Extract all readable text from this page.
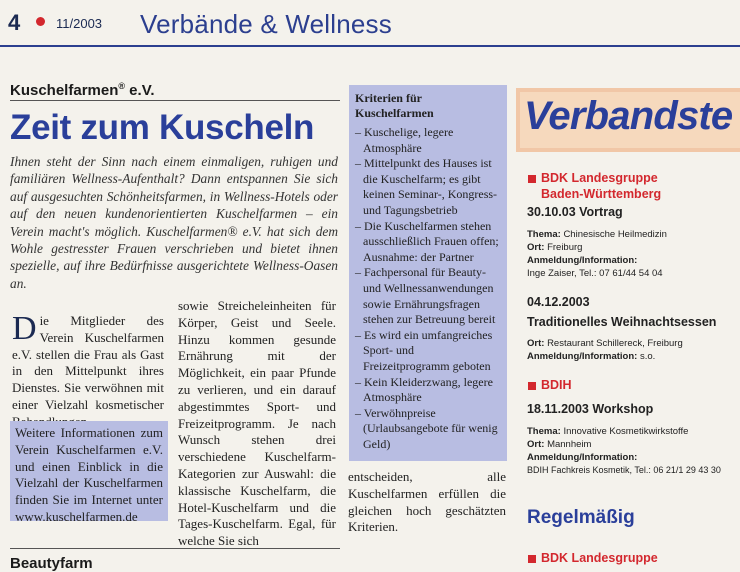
4	11/2003 Verbände & Wellness
Kuschelfarmen® e.V.
Zeit zum Kuscheln
Ihnen steht der Sinn nach einem einmaligen, ruhigen und familiären Wellness-Aufenthalt? Dann entspannen Sie sich auf ausgesuchten Schönheitsfarmen, in Wellness-Hotels oder auf den neuen kundenorientierten Kuschelfarmen – ein Verein macht's möglich. Kuschelfarmen® e.V. hat sich dem Wohle gestresster Frauen verschrieben und bietet ihnen spezielle, auf ihre Bedürfnisse ausgerichtete Wellness-Oasen an.
Die Mitglieder des Verein Kuschelfarmen e.V. stellen die Frau als Gast in den Mittelpunkt ihres Dienstes. Sie verwöhnen mit einer Vielzahl kosmetischer
Weitere Informationen zum Verein Kuschelfarmen e.V. und einen Einblick in die Vielzahl der Kuschelfarmen finden Sie im Internet unter www.kuschelfarmen.de
sowie Streicheleinheiten für Körper, Geist und Seele. Hinzu kommen gesunde Ernährung mit der Möglichkeit, ein paar Pfunde zu verlieren, und ein darauf abgestimmtes Sport- und Freizeitprogramm. Je nach Wunsch stehen drei verschiedene Kuschelfarm-Kategorien zur Auswahl: die klassische Kuschelfarm, die Hotel-Kuschelfarm und die Tages-Kuschelfarm. Egal, für welche Sie sich
Kriterien für Kuschelfarmen
– Kuschelige, legere Atmosphäre
– Mittelpunkt des Hauses ist die Kuschelfarm; es gibt keinen Seminar-, Kongress- und Tagungsbetrieb
– Die Kuschelfarmen stehen ausschließlich Frauen offen; Ausnahme: der Partner
– Fachpersonal für Beauty- und Wellnessanwendungen sowie Ernährungsfragen stehen zur Betreuung bereit
– Es wird ein umfangreiches Sport- und Freizeitprogramm geboten
– Kein Kleiderzwang, legere Atmosphäre
– Verwöhnpreise (Urlaubsangebote für wenig Geld)
entscheiden, alle Kuschelfarmen erfüllen die gleichen hoch geschätzten Kriterien.
Beautyfarm
Verbandste
BDK Landesgruppe
Baden-Württemberg
30.10.03 Vortrag
Thema: Chinesische Heilmedizin
Ort: Freiburg
Anmeldung/Information:
Inge Zaiser, Tel.: 07 61/44 54 04
04.12.2003
Traditionelles Weihnachtsessen
Ort: Restaurant Schillereck, Freiburg
Anmeldung/Information: s.o.
BDIH
18.11.2003 Workshop
Thema: Innovative Kosmetikwirkstoffe
Ort: Mannheim
Anmeldung/Information:
BDIH Fachkreis Kosmetik, Tel.: 06 21/1 29 43 30
Regelmäßig
BDK Landesgruppe
